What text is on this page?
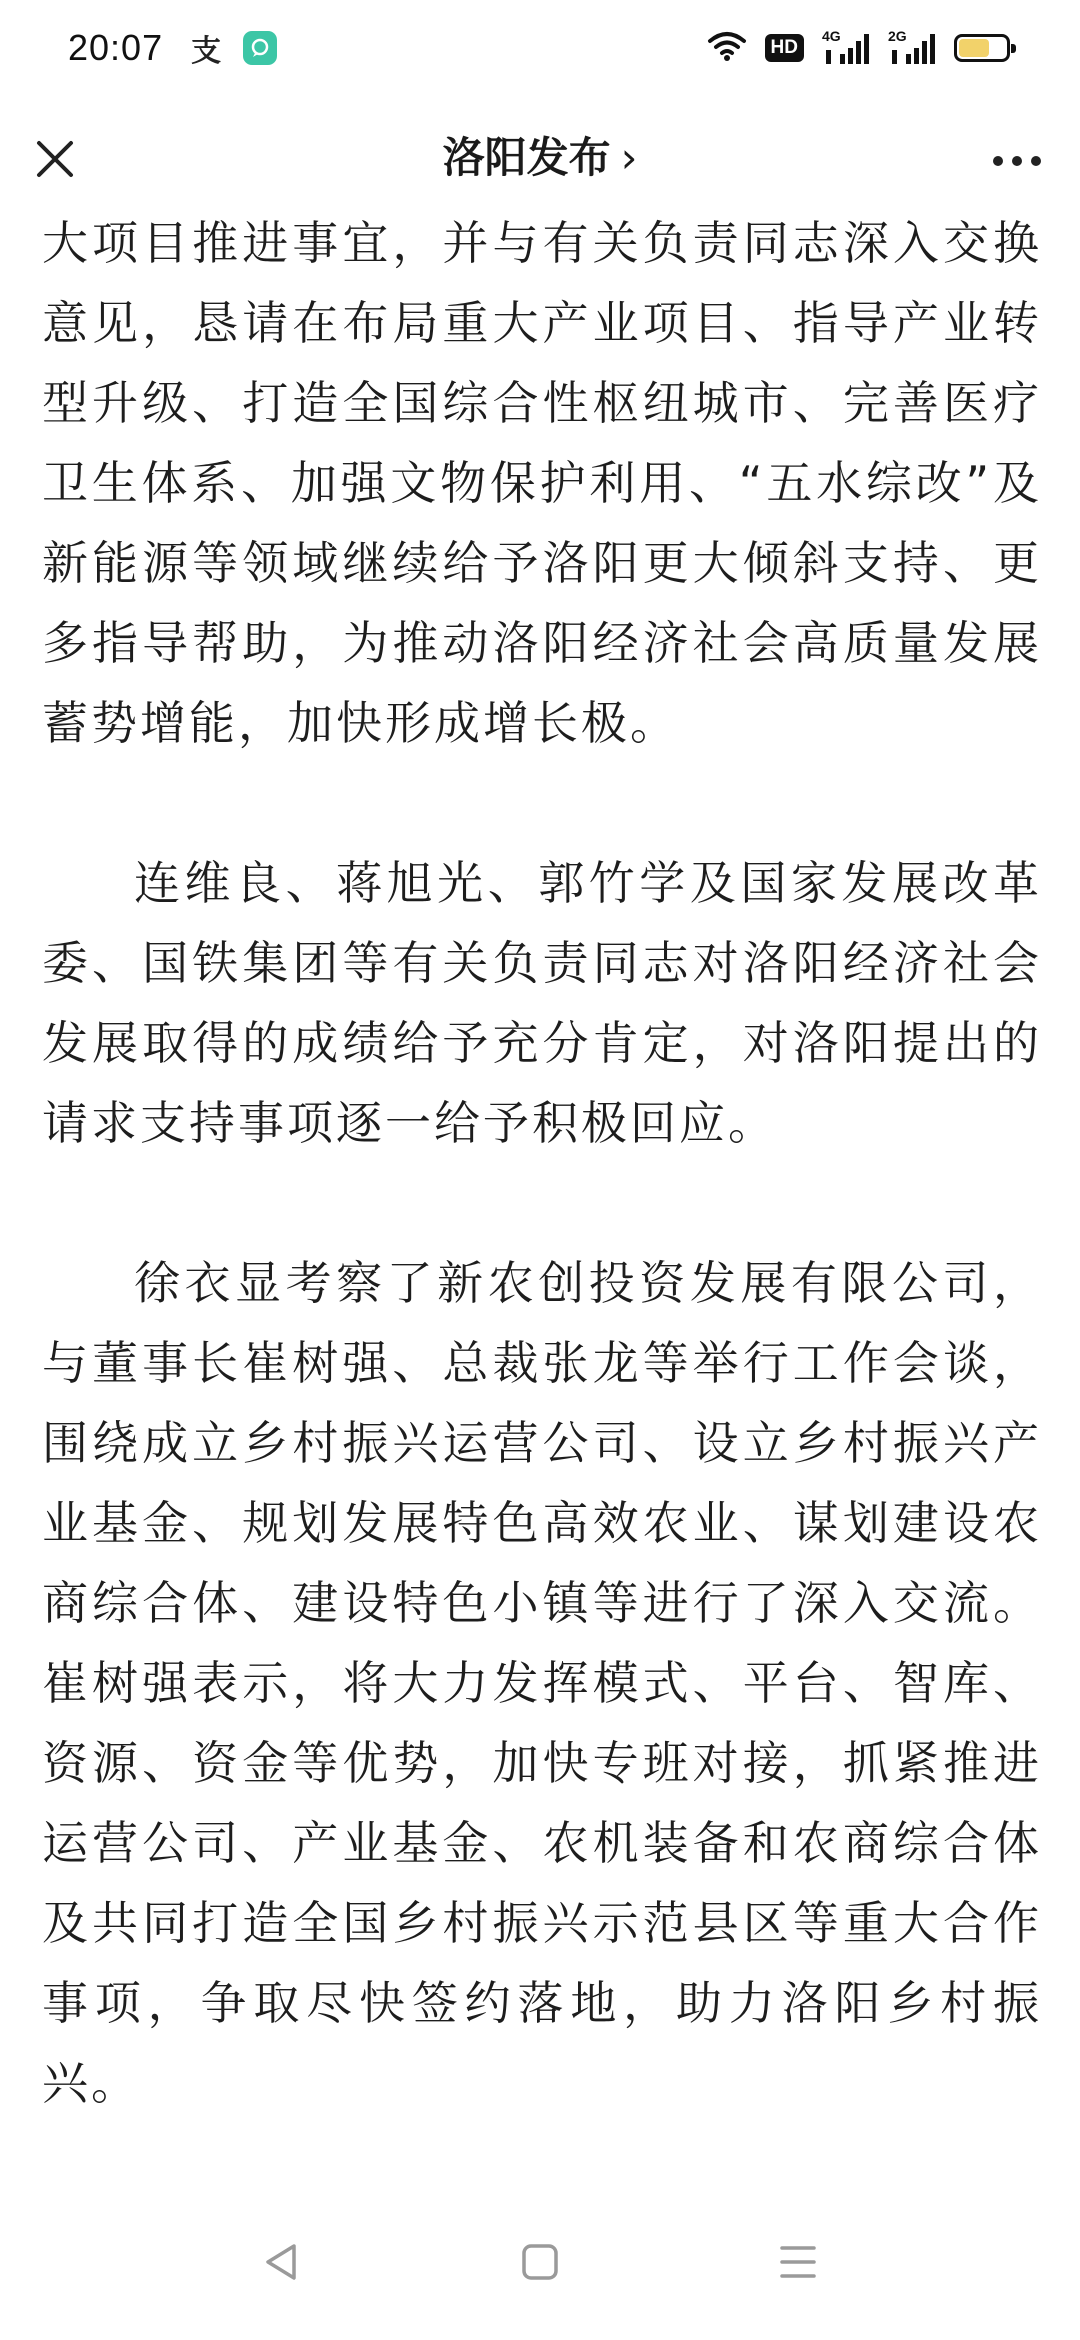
20:07 支	HD
4G	2G
洛阳发布 ›

大项目推进事宜，并与有关负责同志深入交换意见，恳请在布局重大产业项目、指导产业转型升级、打造全国综合性枢纽城市、完善医疗卫生体系、加强文物保护利用、“五水综改”及新能源等领域继续给予洛阳更大倾斜支持、更多指导帮助，为推动洛阳经济社会高质量发展蓄势增能，加快形成增长极。

连维良、蒋旭光、郭竹学及国家发展改革委、国铁集团等有关负责同志对洛阳经济社会发展取得的成绩给予充分肯定，对洛阳提出的请求支持事项逐一给予积极回应。

徐衣显考察了新农创投资发展有限公司，与董事长崔树强、总裁张龙等举行工作会谈，围绕成立乡村振兴运营公司、设立乡村振兴产业基金、规划发展特色高效农业、谋划建设农商综合体、建设特色小镇等进行了深入交流。崔树强表示，将大力发挥模式、平台、智库、资源、资金等优势，加快专班对接，抓紧推进运营公司、产业基金、农机装备和农商综合体及共同打造全国乡村振兴示范县区等重大合作事项，争取尽快签约落地，助力洛阳乡村振兴。
